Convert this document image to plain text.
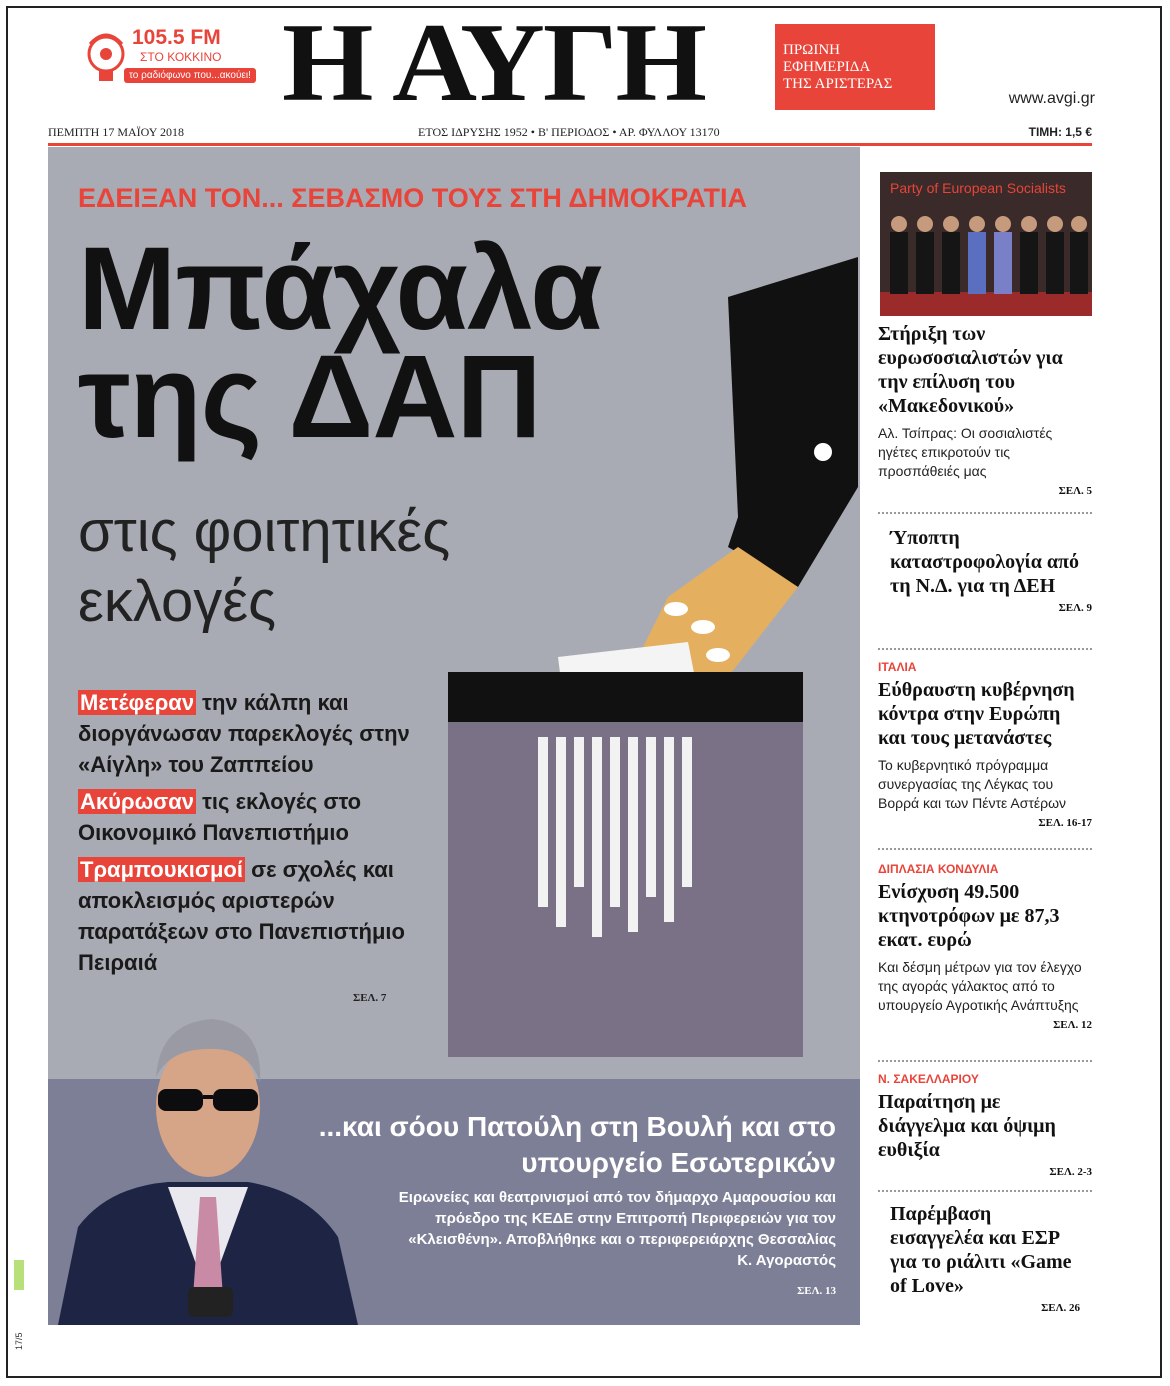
105.5 FM
ΣΤΟ ΚΟΚΚΙΝΟ
το ραδιόφωνο που...ακούει! Η ΑΥΓΗ	ΠΡΩΙΝΗ
ΕΦΗΜΕΡΙΔΑ
ΤΗΣ ΑΡΙΣΤΕΡΑΣ
www.avgi.gr
ΠΕΜΠΤΗ 17 ΜΑΪΟΥ 2018	ΕΤΟΣ ΙΔΡΥΣΗΣ 1952 • Β' ΠΕΡΙΟΔΟΣ • ΑΡ. ΦΥΛΛΟΥ 13170	ΤΙΜΗ: 1,5 €
ΕΔΕΙΞΑΝ ΤΟΝ... ΣΕΒΑΣΜΟ ΤΟΥΣ ΣΤΗ ΔΗΜΟΚΡΑΤΙΑ
Μπάχαλα
της ΔΑΠ
στις φοιτητικές
εκλογές

Μετέφεραν την κάλπη και διοργάνωσαν παρεκλογές στην «Αίγλη» του Ζαππείου

Ακύρωσαν τις εκλογές στο Οικονομικό Πανεπιστήμιο

Τραμπουκισμοί σε σχολές και αποκλεισμός αριστερών παρατάξεων στο Πανεπιστήμιο Πειραιά

ΣΕΛ. 7
...και σόου Πατούλη στη Βουλή και στο υπουργείο Εσωτερικών
Ειρωνείες και θεατρινισμοί από τον δήμαρχο Αμαρουσίου και πρόεδρο της ΚΕΔΕ στην Επιτροπή Περιφερειών για τον «Κλεισθένη». Αποβλήθηκε και ο περιφερειάρχης Θεσσαλίας Κ. Αγοραστός
ΣΕΛ. 13
Party of European Socialists
Στήριξη των ευρωσοσιαλιστών για την επίλυση του «Μακεδονικού»

Αλ. Τσίπρας: Οι σοσιαλιστές ηγέτες επικροτούν τις προσπάθειές μας

ΣΕΛ. 5
Ύποπτη καταστροφολογία από τη Ν.Δ. για τη ΔΕΗ
ΣΕΛ. 9
ΙΤΑΛΙΑ
Εύθραυστη κυβέρνηση κόντρα στην Ευρώπη και τους μετανάστες

Το κυβερνητικό πρόγραμμα συνεργασίας της Λέγκας του Βορρά και των Πέντε Αστέρων

ΣΕΛ. 16-17
ΔΙΠΛΑΣΙΑ ΚΟΝΔΥΛΙΑ
Ενίσχυση 49.500 κτηνοτρόφων με 87,3 εκατ. ευρώ

Και δέσμη μέτρων για τον έλεγχο της αγοράς γάλακτος από το υπουργείο Αγροτικής Ανάπτυξης

ΣΕΛ. 12
Ν. ΣΑΚΕΛΛΑΡΙΟΥ
Παραίτηση με διάγγελμα και όψιμη ευθιξία
ΣΕΛ. 2-3
Παρέμβαση εισαγγελέα και ΕΣΡ για το ριάλιτι «Game of Love»
ΣΕΛ. 26
17/5
